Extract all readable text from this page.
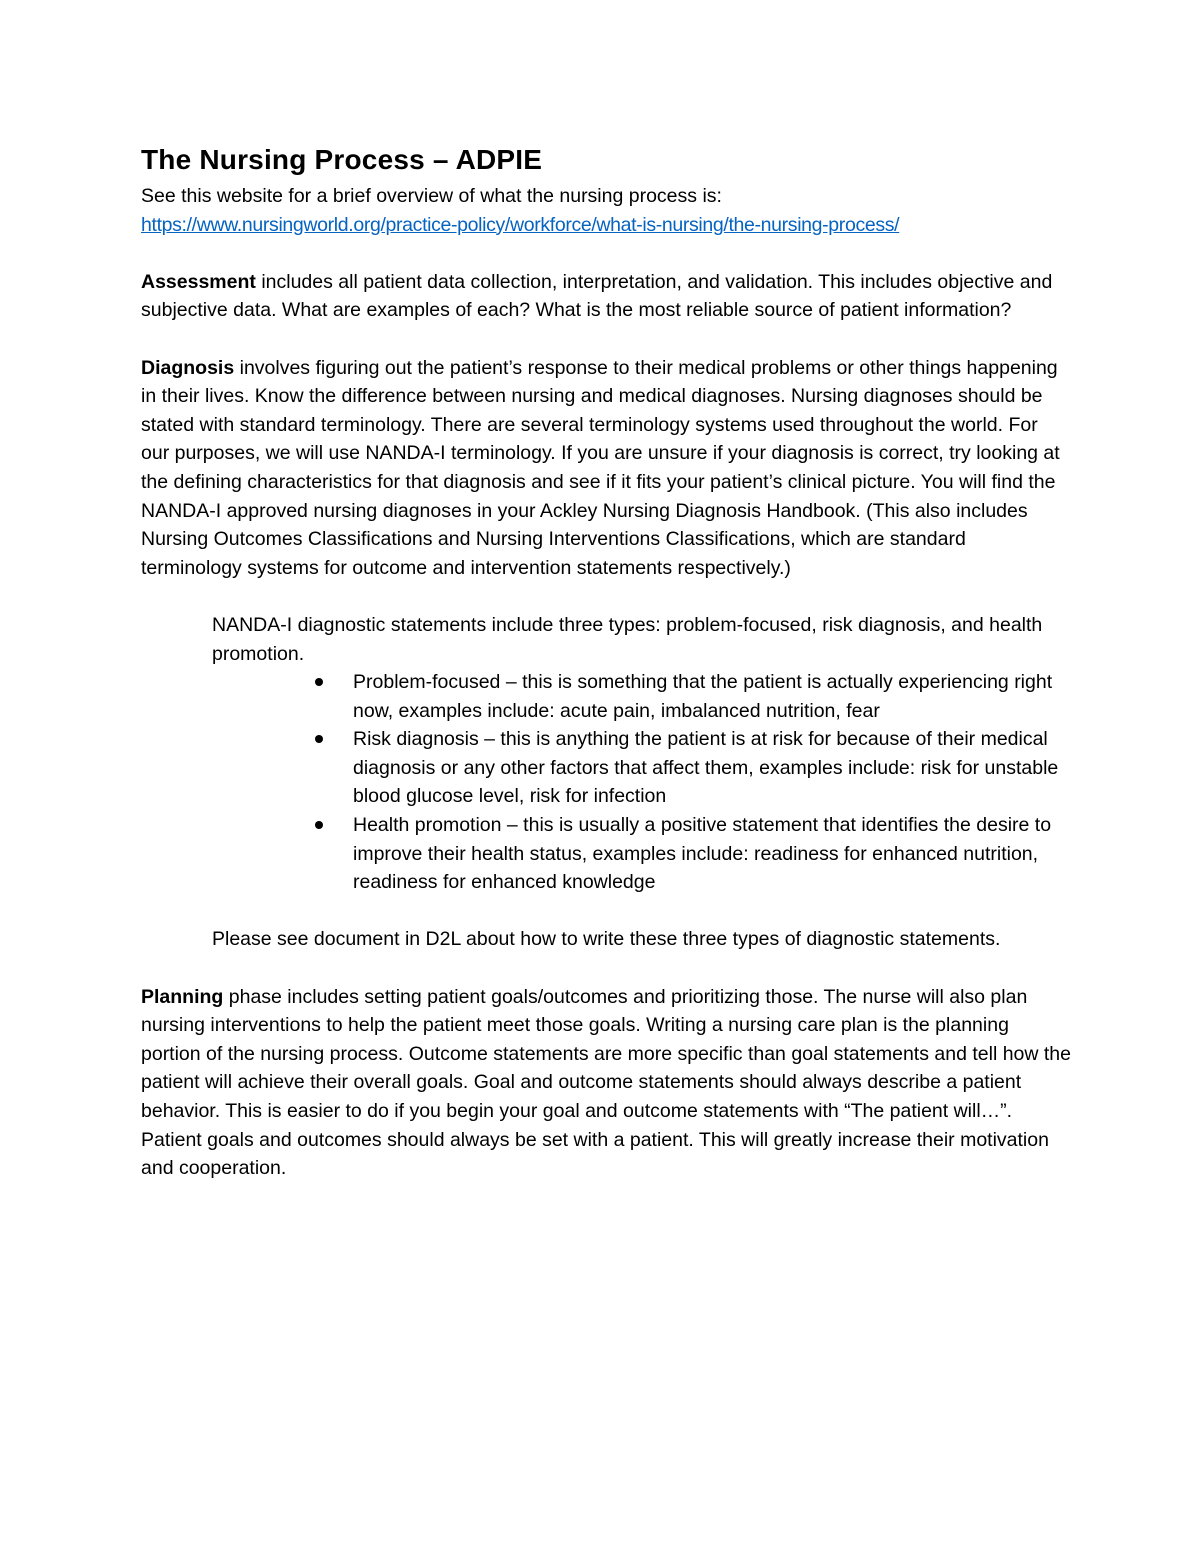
The Nursing Process – ADPIE

See this website for a brief overview of what the nursing process is:

https://www.nursingworld.org/practice-policy/workforce/what-is-nursing/the-nursing-process/

Assessment includes all patient data collection, interpretation, and validation. This includes objective and subjective data. What are examples of each? What is the most reliable source of patient information?

Diagnosis involves figuring out the patient’s response to their medical problems or other things happening in their lives. Know the difference between nursing and medical diagnoses. Nursing diagnoses should be stated with standard terminology. There are several terminology systems used throughout the world. For our purposes, we will use NANDA-I terminology. If you are unsure if your diagnosis is correct, try looking at the defining characteristics for that diagnosis and see if it fits your patient’s clinical picture. You will find the NANDA-I approved nursing diagnoses in your Ackley Nursing Diagnosis Handbook. (This also includes Nursing Outcomes Classifications and Nursing Interventions Classifications, which are standard terminology systems for outcome and intervention statements respectively.)

NANDA-I diagnostic statements include three types: problem-focused, risk diagnosis, and health promotion.

Problem-focused – this is something that the patient is actually experiencing right now, examples include: acute pain, imbalanced nutrition, fear
Risk diagnosis – this is anything the patient is at risk for because of their medical diagnosis or any other factors that affect them, examples include: risk for unstable blood glucose level, risk for infection
Health promotion – this is usually a positive statement that identifies the desire to improve their health status, examples include: readiness for enhanced nutrition, readiness for enhanced knowledge

Please see document in D2L about how to write these three types of diagnostic statements.

Planning phase includes setting patient goals/outcomes and prioritizing those. The nurse will also plan nursing interventions to help the patient meet those goals. Writing a nursing care plan is the planning portion of the nursing process. Outcome statements are more specific than goal statements and tell how the patient will achieve their overall goals. Goal and outcome statements should always describe a patient behavior. This is easier to do if you begin your goal and outcome statements with “The patient will…”. Patient goals and outcomes should always be set with a patient. This will greatly increase their motivation and cooperation.
